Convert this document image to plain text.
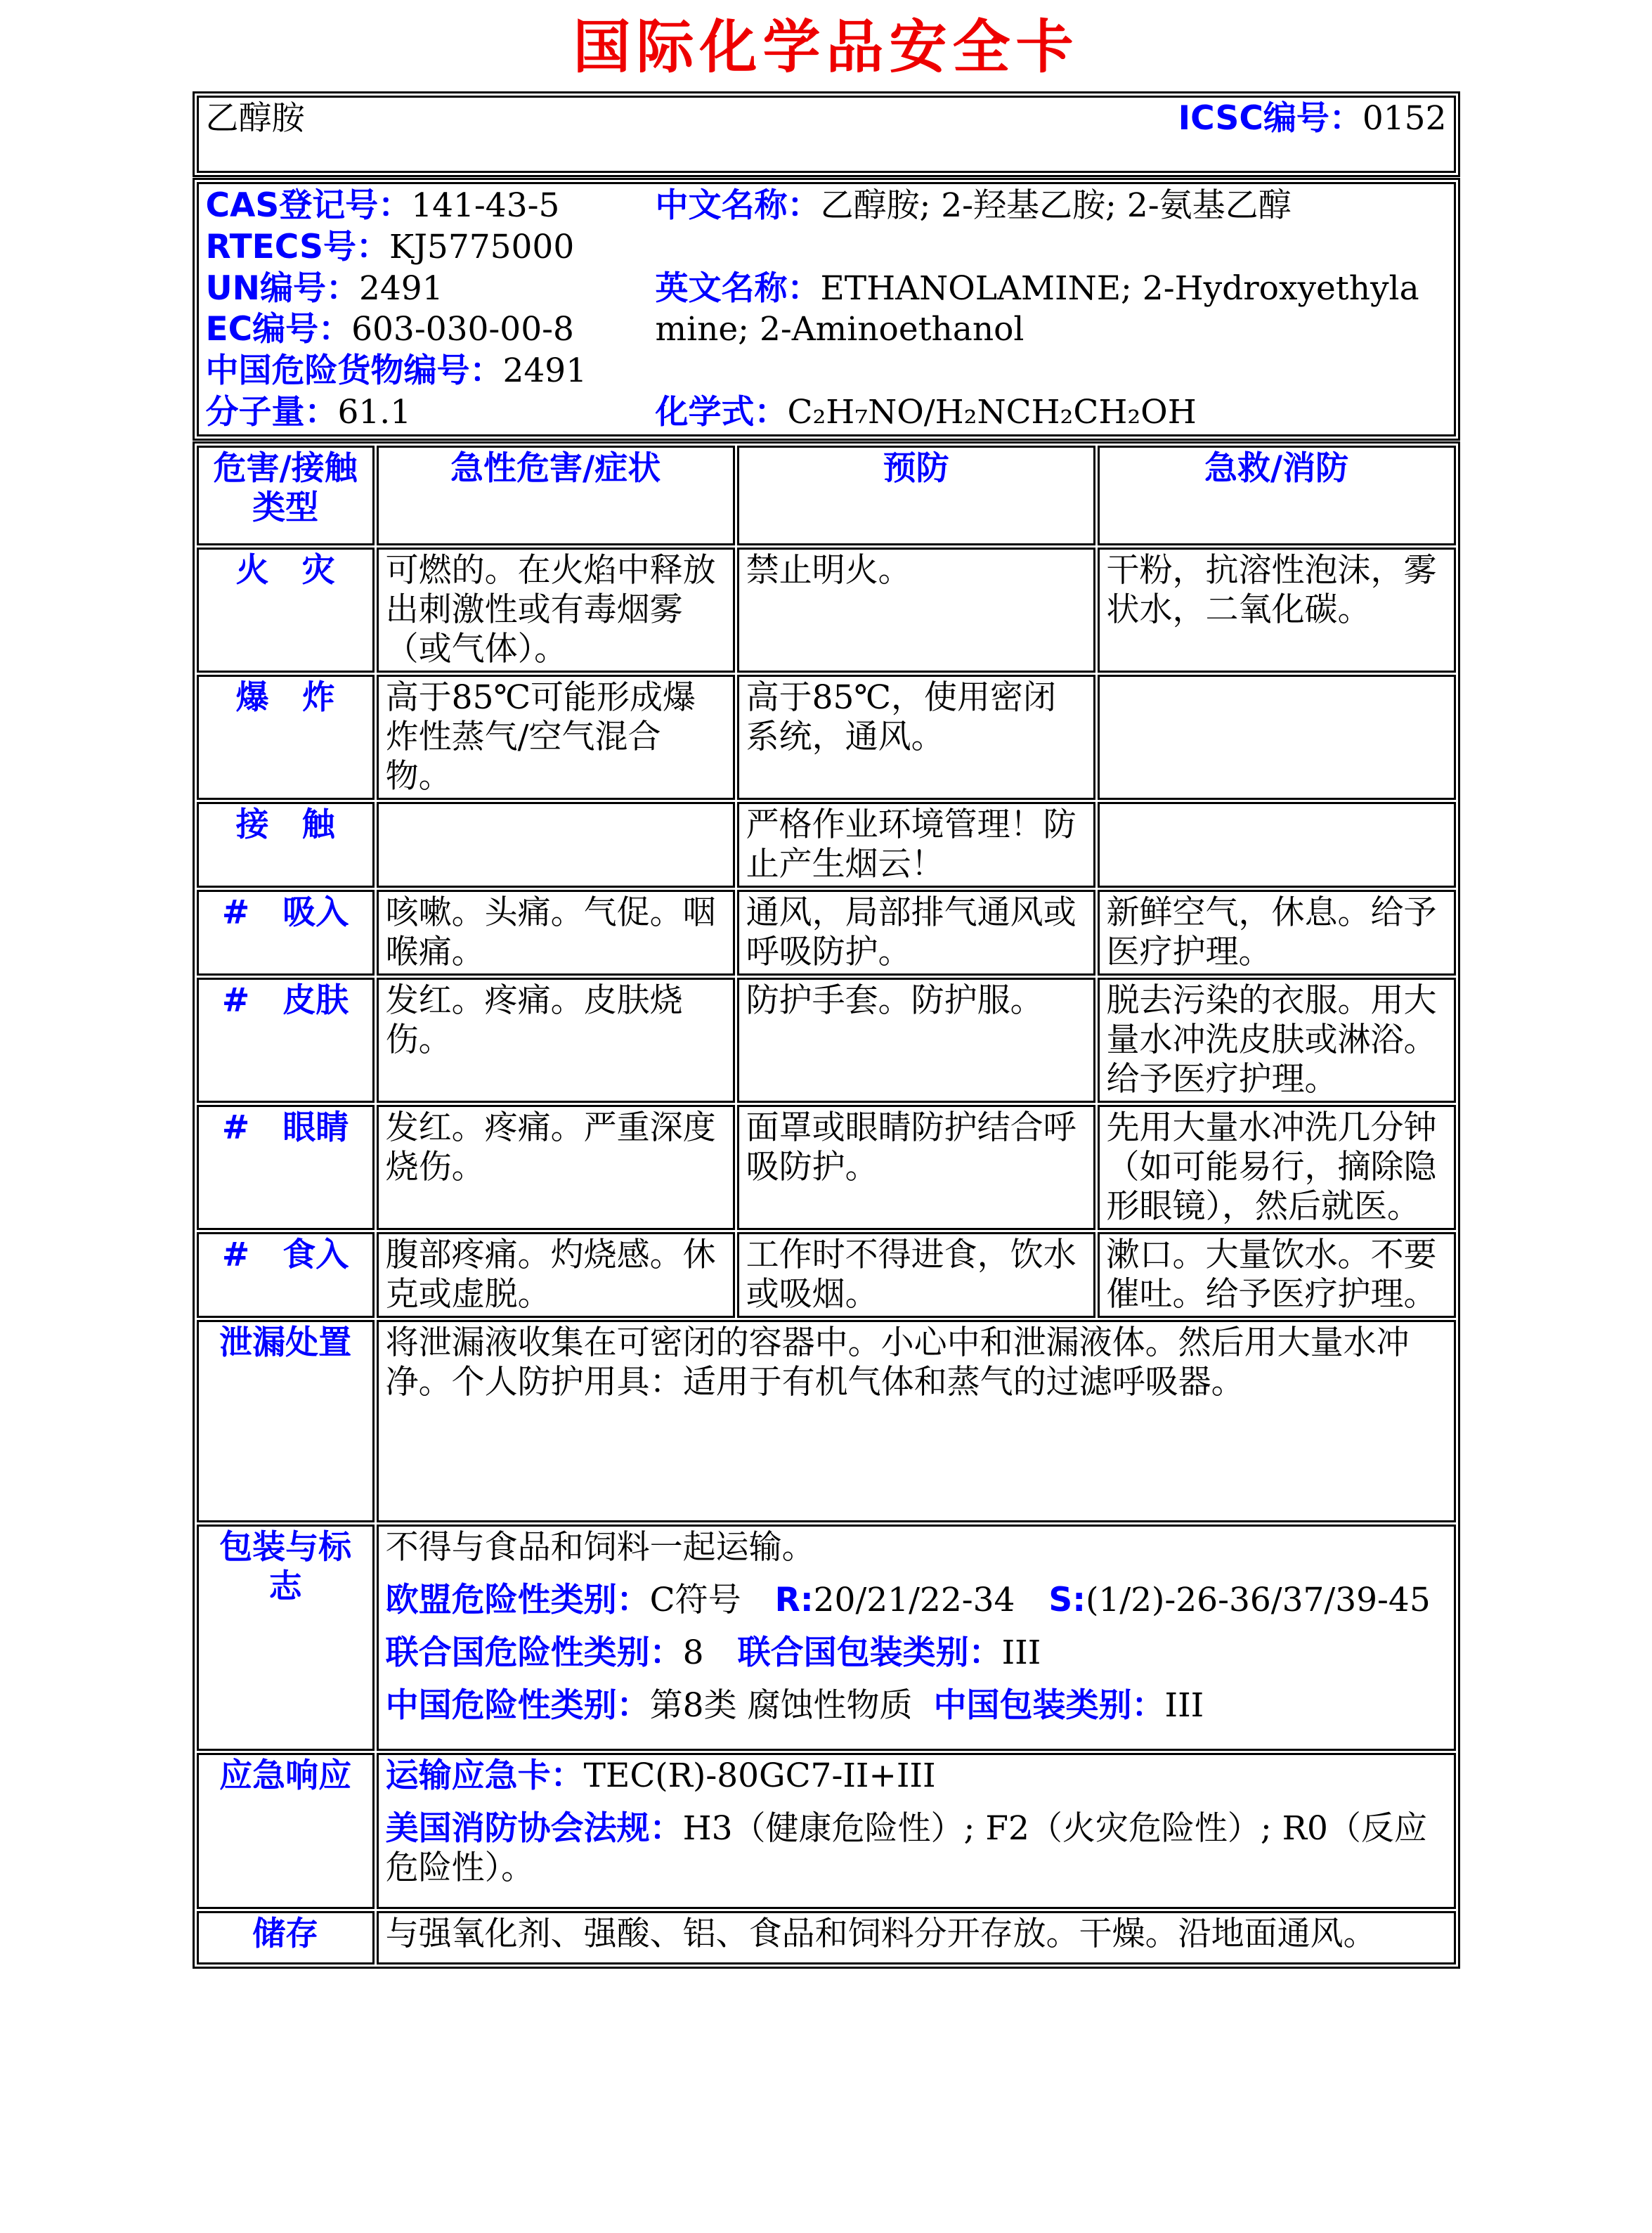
国际化学品安全卡
乙醇胺	ICSC编号：0152
CAS登记号：141-43-5
RTECS号：KJ5775000
UN编号：2491
EC编号：603-030-00-8
中国危险货物编号：2491
分子量：61.1
中文名称：乙醇胺; 2-羟基乙胺; 2-氨基乙醇
英文名称：ETHANOLAMINE; 2-Hydroxyethylamine; 2-Aminoethanol
化学式：C₂H₇NO/H₂NCH₂CH₂OH
危害/接触类型	急性危害/症状	预防	急救/消防
火　灾	可燃的。在火焰中释放出刺激性或有毒烟雾（或气体）。	禁止明火。	干粉，抗溶性泡沫，雾状水，二氧化碳。
爆　炸	高于85℃可能形成爆炸性蒸气/空气混合物。	高于85℃，使用密闭系统，通风。	
接　触		严格作业环境管理！防止产生烟云！	
#　吸入	咳嗽。头痛。气促。咽喉痛。	通风，局部排气通风或呼吸防护。	新鲜空气，休息。给予医疗护理。
#　皮肤	发红。疼痛。皮肤烧伤。	防护手套。防护服。	脱去污染的衣服。用大量水冲洗皮肤或淋浴。给予医疗护理。
#　眼睛	发红。疼痛。严重深度烧伤。	面罩或眼睛防护结合呼吸防护。	先用大量水冲洗几分钟（如可能易行，摘除隐形眼镜），然后就医。
#　食入	腹部疼痛。灼烧感。休克或虚脱。	工作时不得进食，饮水或吸烟。	漱口。大量饮水。不要催吐。给予医疗护理。
泄漏处置	将泄漏液收集在可密闭的容器中。小心中和泄漏液体。然后用大量水冲净。个人防护用具：适用于有机气体和蒸气的过滤呼吸器。		
包装与标志	不得与食品和饲料一起运输。

欧盟危险性类别：C符号 R:20/21/22-34 S:(1/2)-26-36/37/39-45

联合国危险性类别：8 联合国包装类别：III

中国危险性类别：第8类 腐蚀性物质 中国包装类别：III		

应急响应	运输应急卡：TEC(R)-80GC7-II+III

美国消防协会法规：H3（健康危险性）; F2（火灾危险性）; R0（反应危险性）。		

储存	与强氧化剂、强酸、铝、食品和饲料分开存放。干燥。沿地面通风。		
